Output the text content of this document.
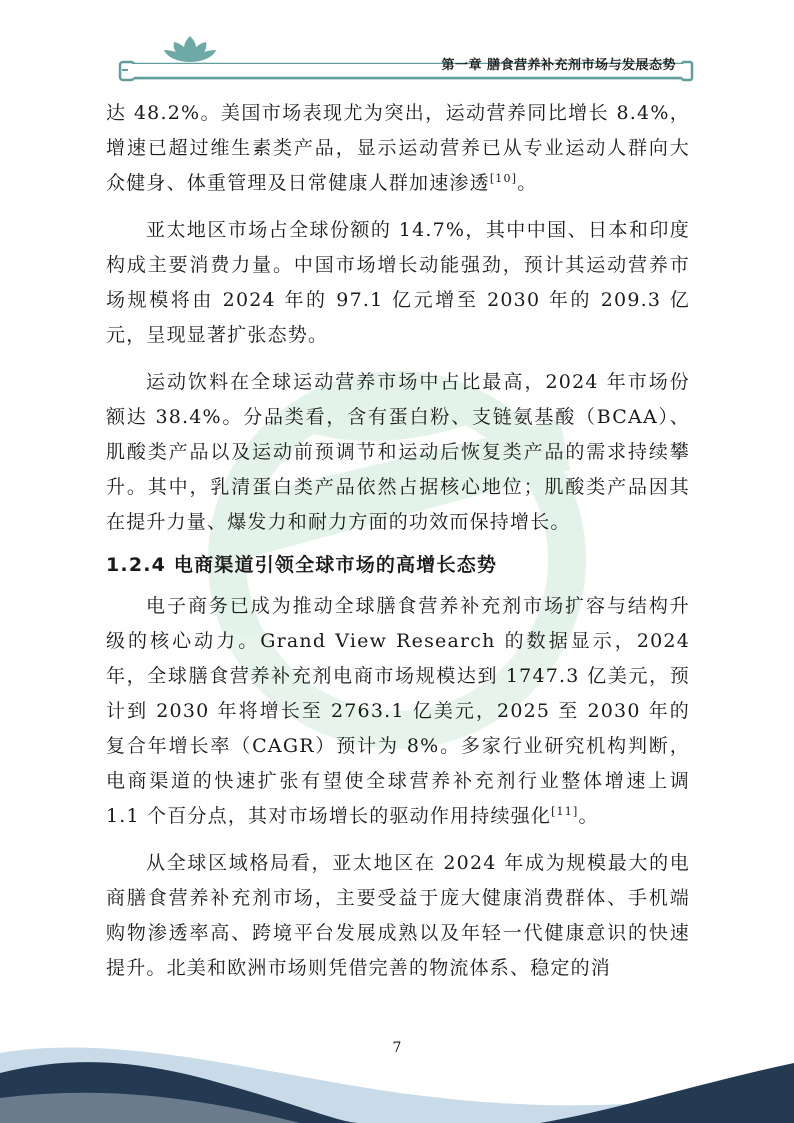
第一章 膳食营养补充剂市场与发展态势

达 48.2%。美国市场表现尤为突出，运动营养同比增长 8.4%，增速已超过维生素类产品，显示运动营养已从专业运动人群向大众健身、体重管理及日常健康人群加速渗透[10]。

亚太地区市场占全球份额的 14.7%，其中中国、日本和印度构成主要消费力量。中国市场增长动能强劲，预计其运动营养市场规模将由 2024 年的 97.1 亿元增至 2030 年的 209.3 亿元，呈现显著扩张态势。

运动饮料在全球运动营养市场中占比最高，2024 年市场份额达 38.4%。分品类看，含有蛋白粉、支链氨基酸（BCAA）、肌酸类产品以及运动前预调节和运动后恢复类产品的需求持续攀升。其中，乳清蛋白类产品依然占据核心地位；肌酸类产品因其在提升力量、爆发力和耐力方面的功效而保持增长。

1.2.4 电商渠道引领全球市场的高增长态势

电子商务已成为推动全球膳食营养补充剂市场扩容与结构升级的核心动力。Grand View Research 的数据显示，2024 年，全球膳食营养补充剂电商市场规模达到 1747.3 亿美元，预计到 2030 年将增长至 2763.1 亿美元，2025 至 2030 年的复合年增长率（CAGR）预计为 8%。多家行业研究机构判断，电商渠道的快速扩张有望使全球营养补充剂行业整体增速上调 1.1 个百分点，其对市场增长的驱动作用持续强化[11]。

从全球区域格局看，亚太地区在 2024 年成为规模最大的电商膳食营养补充剂市场，主要受益于庞大健康消费群体、手机端购物渗透率高、跨境平台发展成熟以及年轻一代健康意识的快速提升。北美和欧洲市场则凭借完善的物流体系、稳定的消

7
